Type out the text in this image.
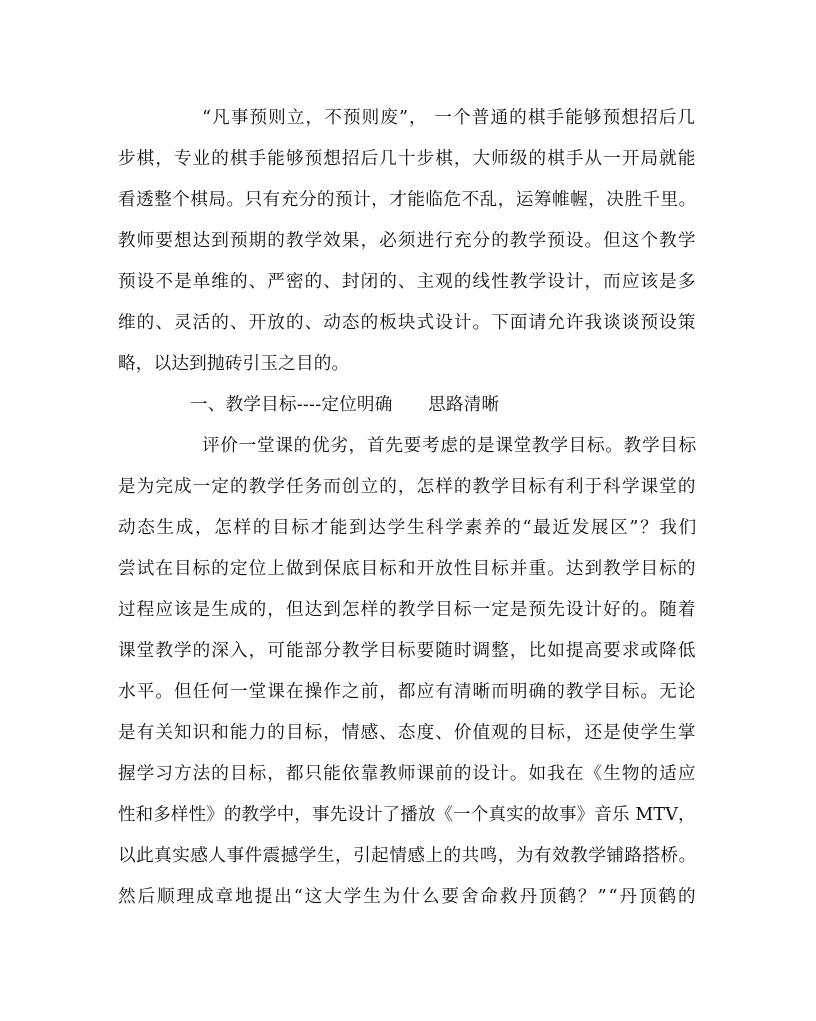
“凡事预则立，不预则废”， 一个普通的棋手能够预想招后几
步棋，专业的棋手能够预想招后几十步棋，大师级的棋手从一开局就能
看透整个棋局。只有充分的预计，才能临危不乱，运筹帷幄，决胜千里。
教师要想达到预期的教学效果，必须进行充分的教学预设。但这个教学
预设不是单维的、严密的、封闭的、主观的线性教学设计，而应该是多
维的、灵活的、开放的、动态的板块式设计。下面请允许我谈谈预设策
略，以达到抛砖引玉之目的。
一、教学目标----定位明确　　思路清晰
评价一堂课的优劣，首先要考虑的是课堂教学目标。教学目标
是为完成一定的教学任务而创立的，怎样的教学目标有利于科学课堂的
动态生成，怎样的目标才能到达学生科学素养的“最近发展区”？我们
尝试在目标的定位上做到保底目标和开放性目标并重。达到教学目标的
过程应该是生成的，但达到怎样的教学目标一定是预先设计好的。随着
课堂教学的深入，可能部分教学目标要随时调整，比如提高要求或降低
水平。但任何一堂课在操作之前，都应有清晰而明确的教学目标。无论
是有关知识和能力的目标，情感、态度、价值观的目标，还是使学生掌
握学习方法的目标，都只能依靠教师课前的设计。如我在《生物的适应
性和多样性》的教学中，事先设计了播放《一个真实的故事》音乐 MTV，
以此真实感人事件震撼学生，引起情感上的共鸣，为有效教学铺路搭桥。
然后顺理成章地提出“这大学生为什么要舍命救丹顶鹤？”“丹顶鹤的
